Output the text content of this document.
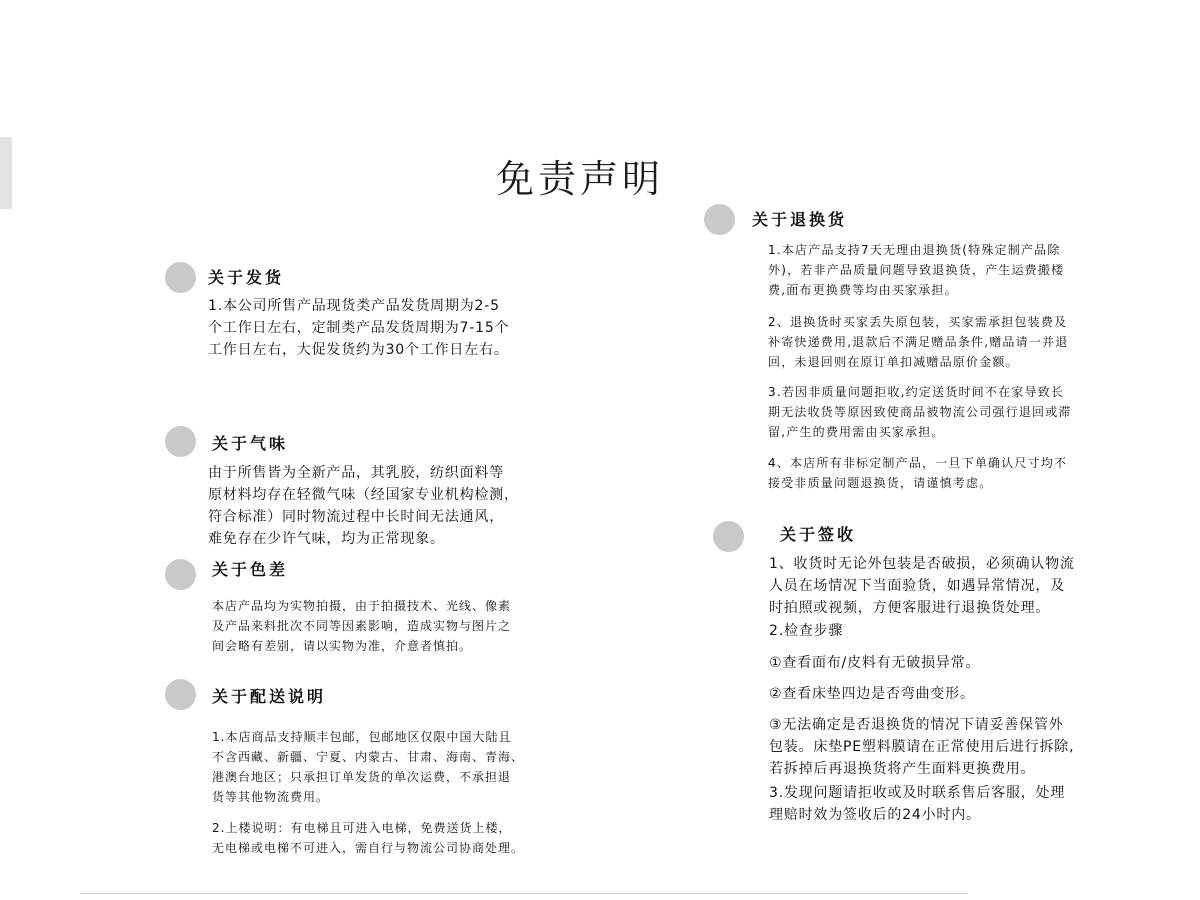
免责声明
关于发货
1.本公司所售产品现货类产品发货周期为2-5
个工作日左右，定制类产品发货周期为7-15个
工作日左右，大促发货约为30个工作日左右。
关于气味
由于所售皆为全新产品，其乳胶，纺织面料等
原材料均存在轻微气味（经国家专业机构检测，
符合标准）同时物流过程中长时间无法通风，
难免存在少许气味，均为正常现象。
关于色差
本店产品均为实物拍摄，由于拍摄技术、光线、像素
及产品来料批次不同等因素影响，造成实物与图片之
间会略有差别，请以实物为准，介意者慎拍。
关于配送说明
1.本店商品支持顺丰包邮，包邮地区仅限中国大陆且
不含西藏、新疆、宁夏、内蒙古、甘肃、海南、青海、
港澳台地区；只承担订单发货的单次运费，不承担退
货等其他物流费用。
2.上楼说明：有电梯且可进入电梯，免费送货上楼，
无电梯或电梯不可进入，需自行与物流公司协商处理。
关于退换货
1.本店产品支持7天无理由退换货(特殊定制产品除
外)，若非产品质量问题导致退换货，产生运费搬楼
费,面布更换费等均由买家承担。
2、退换货时买家丢失原包装，买家需承担包装费及
补寄快递费用,退款后不满足赠品条件,赠品请一并退
回，未退回则在原订单扣减赠品原价金额。
3.若因非质量问题拒收,约定送货时间不在家导致长
期无法收货等原因致使商品被物流公司强行退回或滞
留,产生的费用需由买家承担。
4、本店所有非标定制产品，一旦下单确认尺寸均不
接受非质量问题退换货，请谨慎考虑。
关于签收
1、收货时无论外包装是否破损，必须确认物流
人员在场情况下当面验货，如遇异常情况，及
时拍照或视频，方便客服进行退换货处理。
2.检查步骤
①查看面布/皮料有无破损异常。
②查看床垫四边是否弯曲变形。
③无法确定是否退换货的情况下请妥善保管外
包装。床垫PE塑料膜请在正常使用后进行拆除,
若拆掉后再退换货将产生面料更换费用。
3.发现问题请拒收或及时联系售后客服，处理
理赔时效为签收后的24小时内。
